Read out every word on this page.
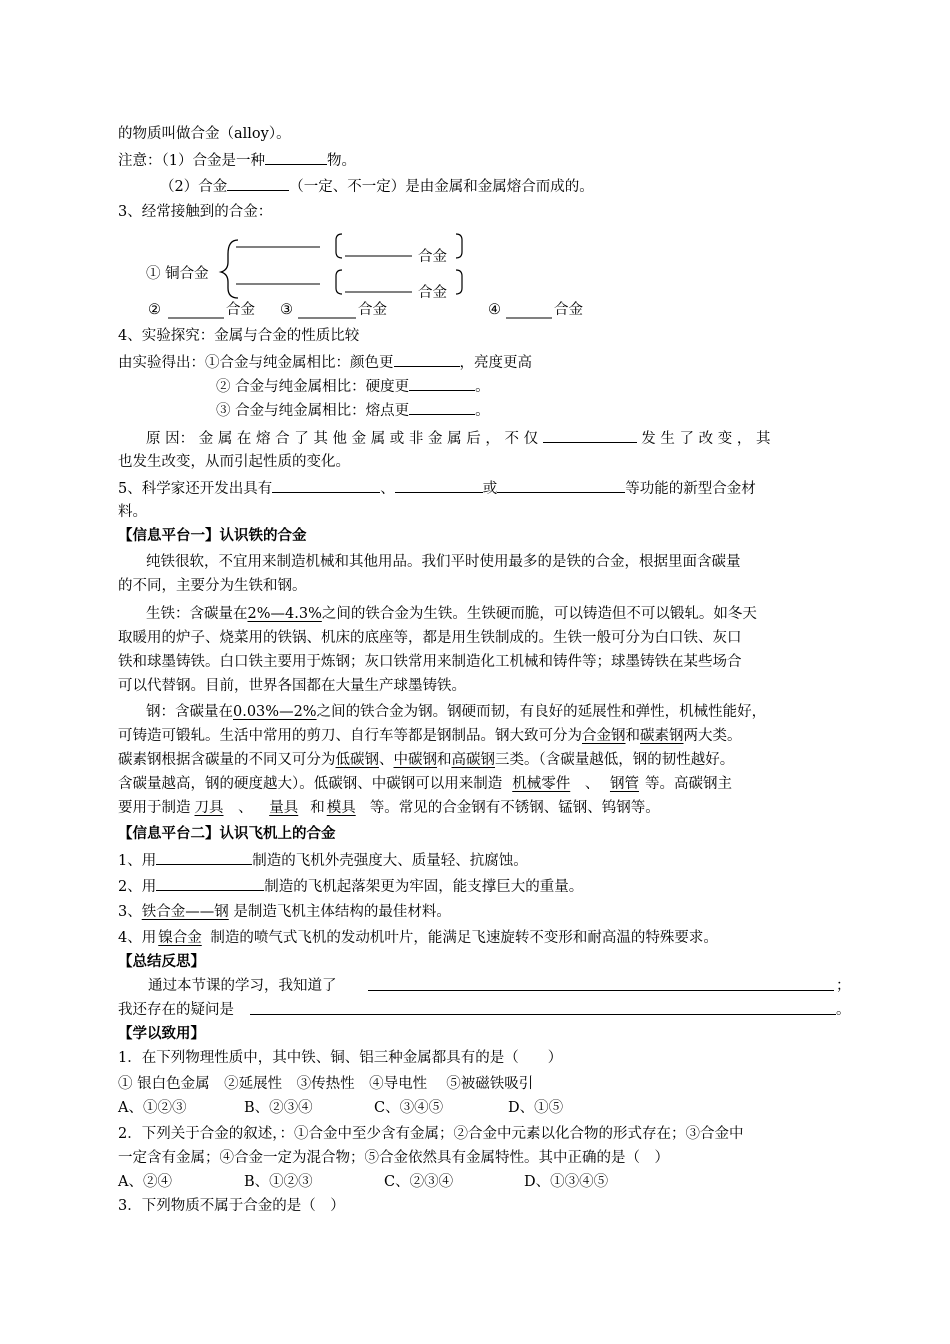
的物质叫做合金（alloy）。
注意：（1）合金是一种	物。
（2）合金	（一定、不一定）是由金属和金属熔合而成的。
3、经常接触到的合金：
合金
合金
① 铜合金
②	合金 ③	合金	④	合金
4、实验探究：金属与合金的性质比较
由实验得出：①合金与纯金属相比：颜色更	，亮度更高
② 合金与纯金属相比：硬度更	。
③ 合金与纯金属相比：熔点更	。
原 因： 金 属 在 熔 合 了 其 他 金 属 或 非 金 属 后 ， 不 仅	发 生 了 改 变 ， 其
也发生改变，从而引起性质的变化。
5、科学家还开发出具有	、	或	等功能的新型合金材
料。
【信息平台一】认识铁的合金
纯铁很软，不宜用来制造机械和其他用品。我们平时使用最多的是铁的合金，根据里面含碳量
的不同，主要分为生铁和钢。
生铁：含碳量在2%—4.3%之间的铁合金为生铁。生铁硬而脆，可以铸造但不可以锻轧。如冬天
取暖用的炉子、烧菜用的铁锅、机床的底座等，都是用生铁制成的。生铁一般可分为白口铁、灰口
铁和球墨铸铁。白口铁主要用于炼钢；灰口铁常用来制造化工机械和铸件等；球墨铸铁在某些场合
可以代替钢。目前，世界各国都在大量生产球墨铸铁。
钢：含碳量在0.03%—2%之间的铁合金为钢。钢硬而韧，有良好的延展性和弹性，机械性能好，
可铸造可锻轧。生活中常用的剪刀、自行车等都是钢制品。钢大致可分为合金钢和碳素钢两大类。
碳素钢根据含碳量的不同又可分为低碳钢、中碳钢和高碳钢三类。（含碳量越低，钢的韧性越好。
含碳量越高，钢的硬度越大）。低碳钢、中碳钢可以用来制造 机械零件 、 钢管 等。高碳钢主
要用于制造 刀具 、 量具 和 模具 等。常见的合金钢有不锈钢、锰钢、钨钢等。
【信息平台二】认识飞机上的合金
1、用	制造的飞机外壳强度大、质量轻、抗腐蚀。
2、用	制造的飞机起落架更为牢固，能支撑巨大的重量。
3、铁合金——钢 是制造飞机主体结构的最佳材料。
4、用 镍合金 制造的喷气式飞机的发动机叶片，能满足飞速旋转不变形和耐高温的特殊要求。
【总结反思】
通过本节课的学习，我知道了	；
我还存在的疑问是	。
【学以致用】
1．在下列物理性质中，其中铁、铜、铝三种金属都具有的是（　　）
① 银白色金属　②延展性　③传热性　④导电性　 ⑤被磁铁吸引
A、①②③	B、②③④	C、③④⑤	D、①⑤
2．下列关于合金的叙述，：①合金中至少含有金属；②合金中元素以化合物的形式存在；③合金中
一定含有金属；④合金一定为混合物；⑤合金依然具有金属特性。其中正确的是（　）
A、②④	B、①②③	C、②③④	D、①③④⑤
3．下列物质不属于合金的是（　）
